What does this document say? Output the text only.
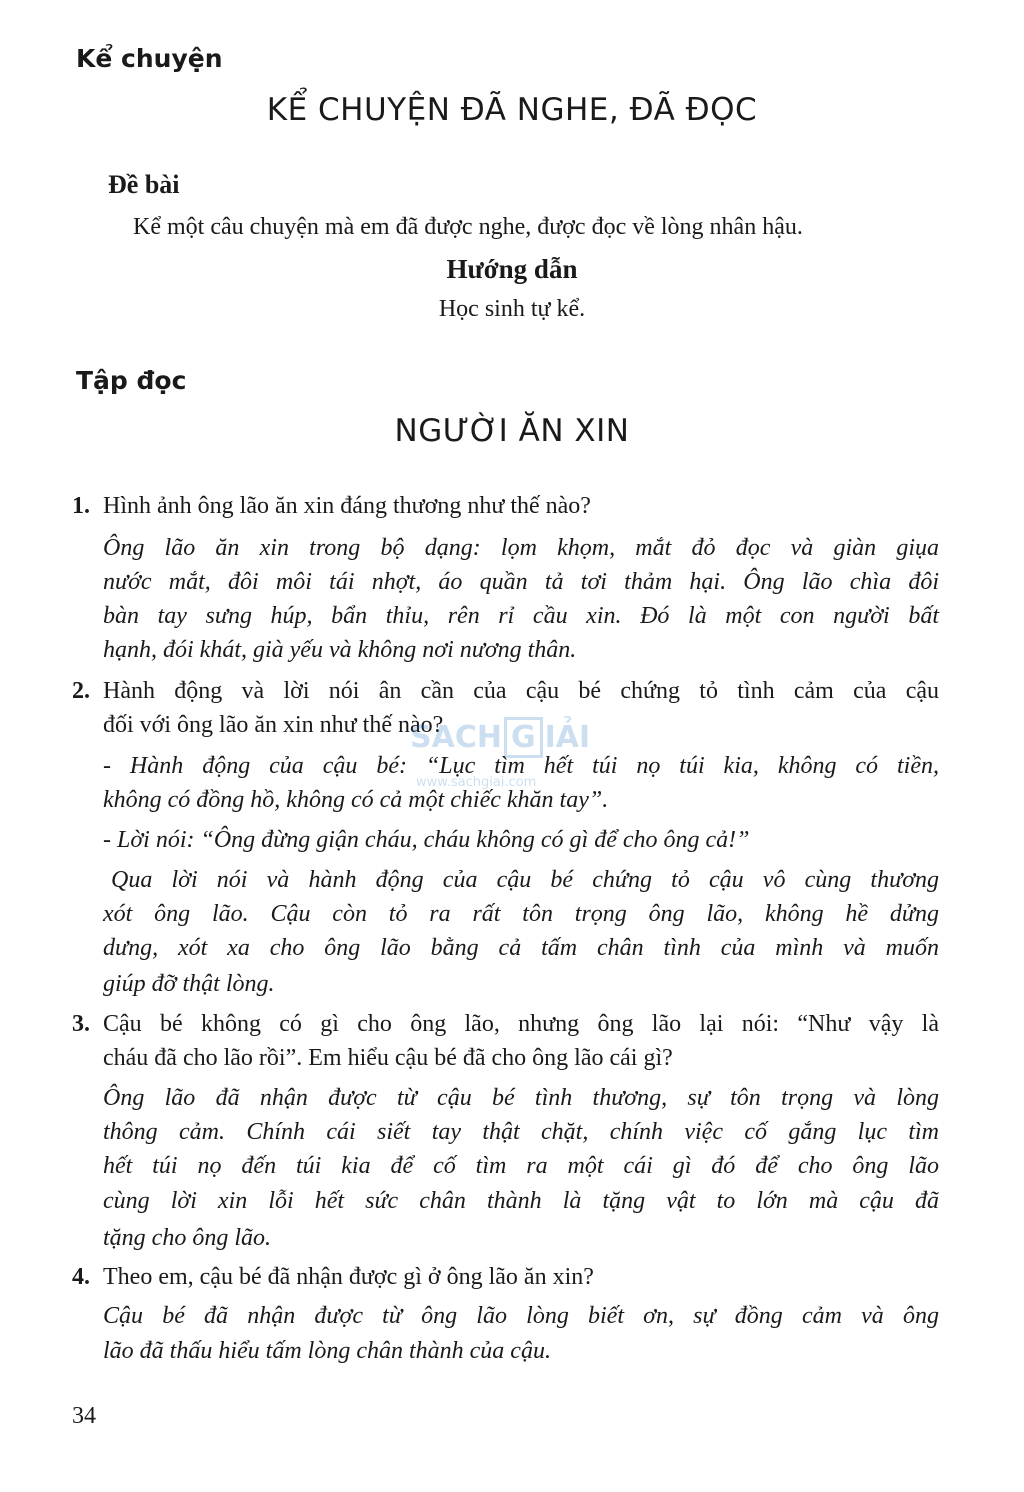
Kể chuyện
KỂ CHUYỆN ĐÃ NGHE, ĐÃ ĐỌC
Đề bài
Kể một câu chuyện mà em đã được nghe, được đọc về lòng nhân hậu.
Hướng dẫn
Học sinh tự kể.
Tập đọc
NGƯỜI ĂN XIN
1. Hình ảnh ông lão ăn xin đáng thương như thế nào?
Ông lão ăn xin trong bộ dạng: lọm khọm, mắt đỏ đọc và giàn giụa
nước mắt, đôi môi tái nhợt, áo quần tả tơi thảm hại. Ông lão chìa đôi
bàn tay sưng húp, bẩn thỉu, rên rỉ cầu xin. Đó là một con người bất
hạnh, đói khát, già yếu và không nơi nương thân.
2. Hành động và lời nói ân cần của cậu bé chứng tỏ tình cảm của cậu
đối với ông lão ăn xin như thế nào?
- Hành động của cậu bé: “Lục tìm hết túi nọ túi kia, không có tiền,
không có đồng hồ, không có cả một chiếc khăn tay”.
- Lời nói: “Ông đừng giận cháu, cháu không có gì để cho ông cả!”
Qua lời nói và hành động của cậu bé chứng tỏ cậu vô cùng thương
xót ông lão. Cậu còn tỏ ra rất tôn trọng ông lão, không hề dửng
dưng, xót xa cho ông lão bằng cả tấm chân tình của mình và muốn
giúp đỡ thật lòng.
3. Cậu bé không có gì cho ông lão, nhưng ông lão lại nói: “Như vậy là
cháu đã cho lão rồi”. Em hiểu cậu bé đã cho ông lão cái gì?
Ông lão đã nhận được từ cậu bé tình thương, sự tôn trọng và lòng
thông cảm. Chính cái siết tay thật chặt, chính việc cố gắng lục tìm
hết túi nọ đến túi kia để cố tìm ra một cái gì đó để cho ông lão
cùng lời xin lỗi hết sức chân thành là tặng vật to lớn mà cậu đã
tặng cho ông lão.
4. Theo em, cậu bé đã nhận được gì ở ông lão ăn xin?
Cậu bé đã nhận được từ ông lão lòng biết ơn, sự đồng cảm và ông
lão đã thấu hiểu tấm lòng chân thành của cậu.
SACH G IẢI
www.sachgiai.com
34
